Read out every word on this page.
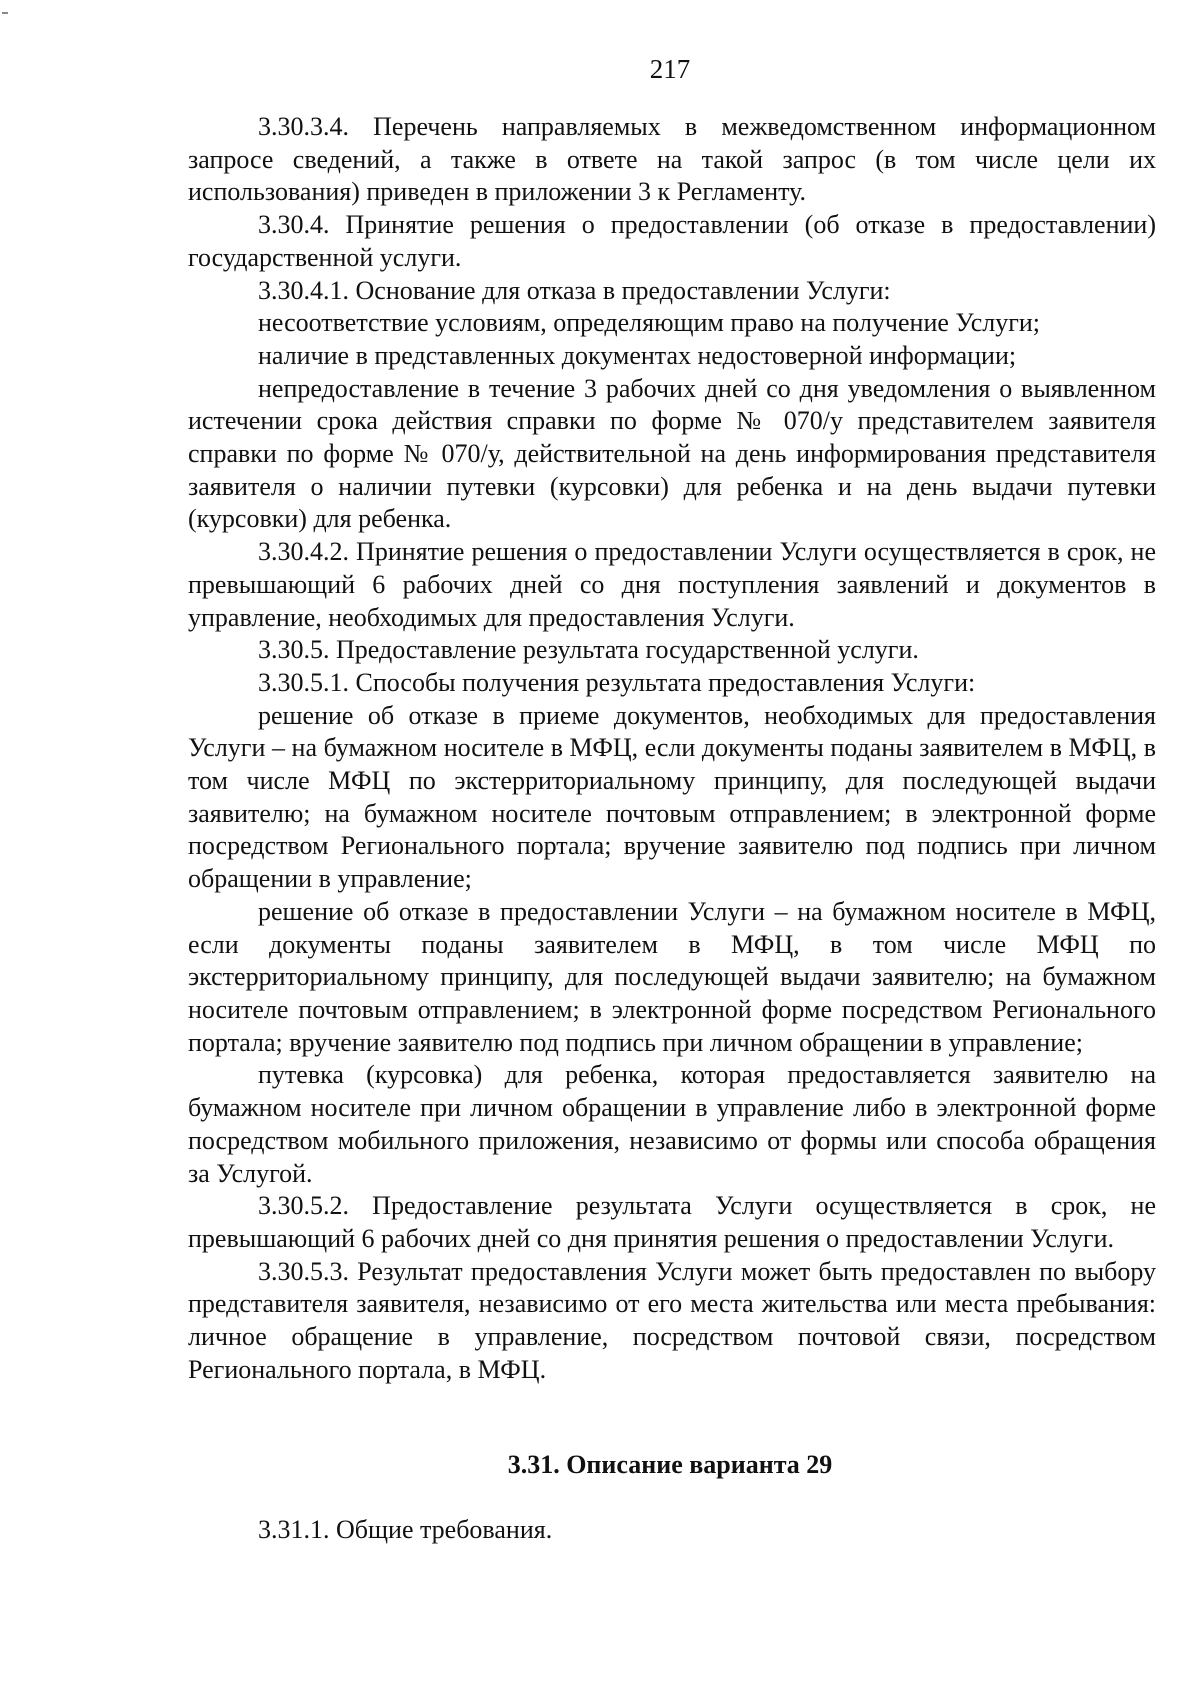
217

3.30.3.4. Перечень направляемых в межведомственном информационном запросе сведений, а также в ответе на такой запрос (в том числе цели их использования) приведен в приложении 3 к Регламенту.

3.30.4. Принятие решения о предоставлении (об отказе в предоставлении) государственной услуги.

3.30.4.1. Основание для отказа в предоставлении Услуги:

несоответствие условиям, определяющим право на получение Услуги;

наличие в представленных документах недостоверной информации;

непредоставление в течение 3 рабочих дней со дня уведомления о выявленном истечении срока действия справки по форме № 070/у представителем заявителя справки по форме № 070/у, действительной на день информирования представителя заявителя о наличии путевки (курсовки) для ребенка и на день выдачи путевки (курсовки) для ребенка.

3.30.4.2. Принятие решения о предоставлении Услуги осуществляется в срок, не превышающий 6 рабочих дней со дня поступления заявлений и документов в управление, необходимых для предоставления Услуги.

3.30.5. Предоставление результата государственной услуги.

3.30.5.1. Способы получения результата предоставления Услуги:

решение об отказе в приеме документов, необходимых для предоставления Услуги – на бумажном носителе в МФЦ, если документы поданы заявителем в МФЦ, в том числе МФЦ по экстерриториальному принципу, для последующей выдачи заявителю; на бумажном носителе почтовым отправлением; в электронной форме посредством Регионального портала; вручение заявителю под подпись при личном обращении в управление;

решение об отказе в предоставлении Услуги – на бумажном носителе в МФЦ, если документы поданы заявителем в МФЦ, в том числе МФЦ по экстерриториальному принципу, для последующей выдачи заявителю; на бумажном носителе почтовым отправлением; в электронной форме посредством Регионального портала; вручение заявителю под подпись при личном обращении в управление;

путевка (курсовка) для ребенка, которая предоставляется заявителю на бумажном носителе при личном обращении в управление либо в электронной форме посредством мобильного приложения, независимо от формы или способа обращения за Услугой.

3.30.5.2. Предоставление результата Услуги осуществляется в срок, не превышающий 6 рабочих дней со дня принятия решения о предоставлении Услуги.

3.30.5.3. Результат предоставления Услуги может быть предоставлен по выбору представителя заявителя, независимо от его места жительства или места пребывания: личное обращение в управление, посредством почтовой связи, посредством Регионального портала, в МФЦ.

3.31. Описание варианта 29
3.31.1. Общие требования.
